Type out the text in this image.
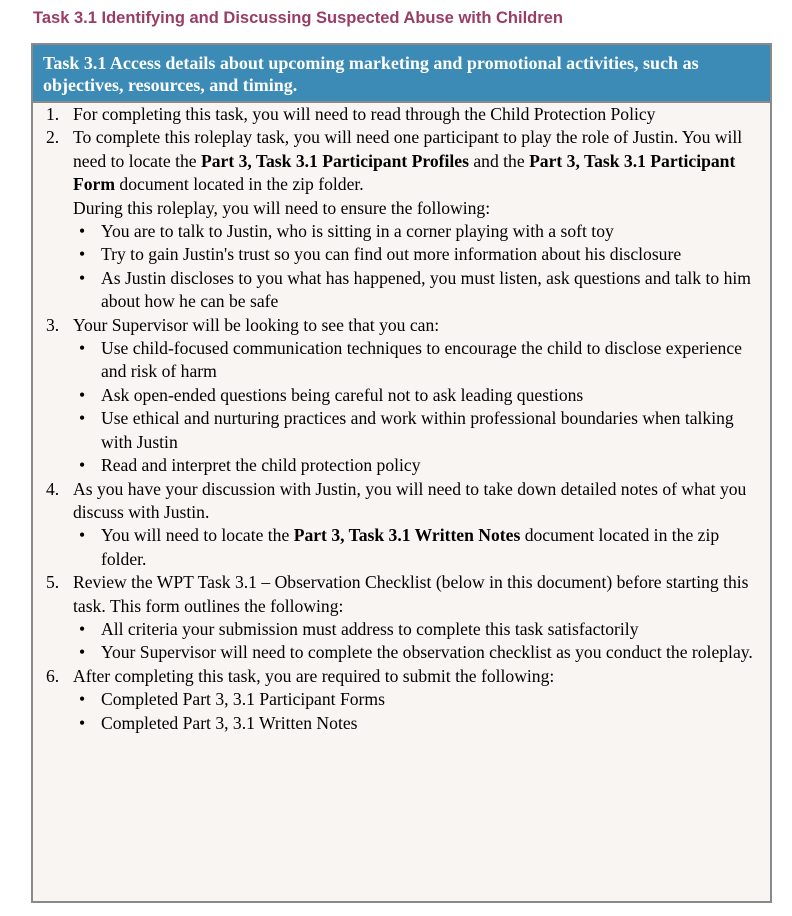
Task 3.1 Identifying and Discussing Suspected Abuse with Children
Task 3.1 Access details about upcoming marketing and promotional activities, such as objectives, resources, and timing.
1. For completing this task, you will need to read through the Child Protection Policy
2. To complete this roleplay task, you will need one participant to play the role of Justin. You will need to locate the Part 3, Task 3.1 Participant Profiles and the Part 3, Task 3.1 Participant Form document located in the zip folder.
During this roleplay, you will need to ensure the following:
• You are to talk to Justin, who is sitting in a corner playing with a soft toy
• Try to gain Justin's trust so you can find out more information about his disclosure
• As Justin discloses to you what has happened, you must listen, ask questions and talk to him about how he can be safe
3. Your Supervisor will be looking to see that you can:
• Use child-focused communication techniques to encourage the child to disclose experience and risk of harm
• Ask open-ended questions being careful not to ask leading questions
• Use ethical and nurturing practices and work within professional boundaries when talking with Justin
• Read and interpret the child protection policy
4. As you have your discussion with Justin, you will need to take down detailed notes of what you discuss with Justin.
• You will need to locate the Part 3, Task 3.1 Written Notes document located in the zip folder.
5. Review the WPT Task 3.1 – Observation Checklist (below in this document) before starting this task. This form outlines the following:
• All criteria your submission must address to complete this task satisfactorily
• Your Supervisor will need to complete the observation checklist as you conduct the roleplay.
6. After completing this task, you are required to submit the following:
• Completed Part 3, 3.1 Participant Forms
• Completed Part 3, 3.1 Written Notes
